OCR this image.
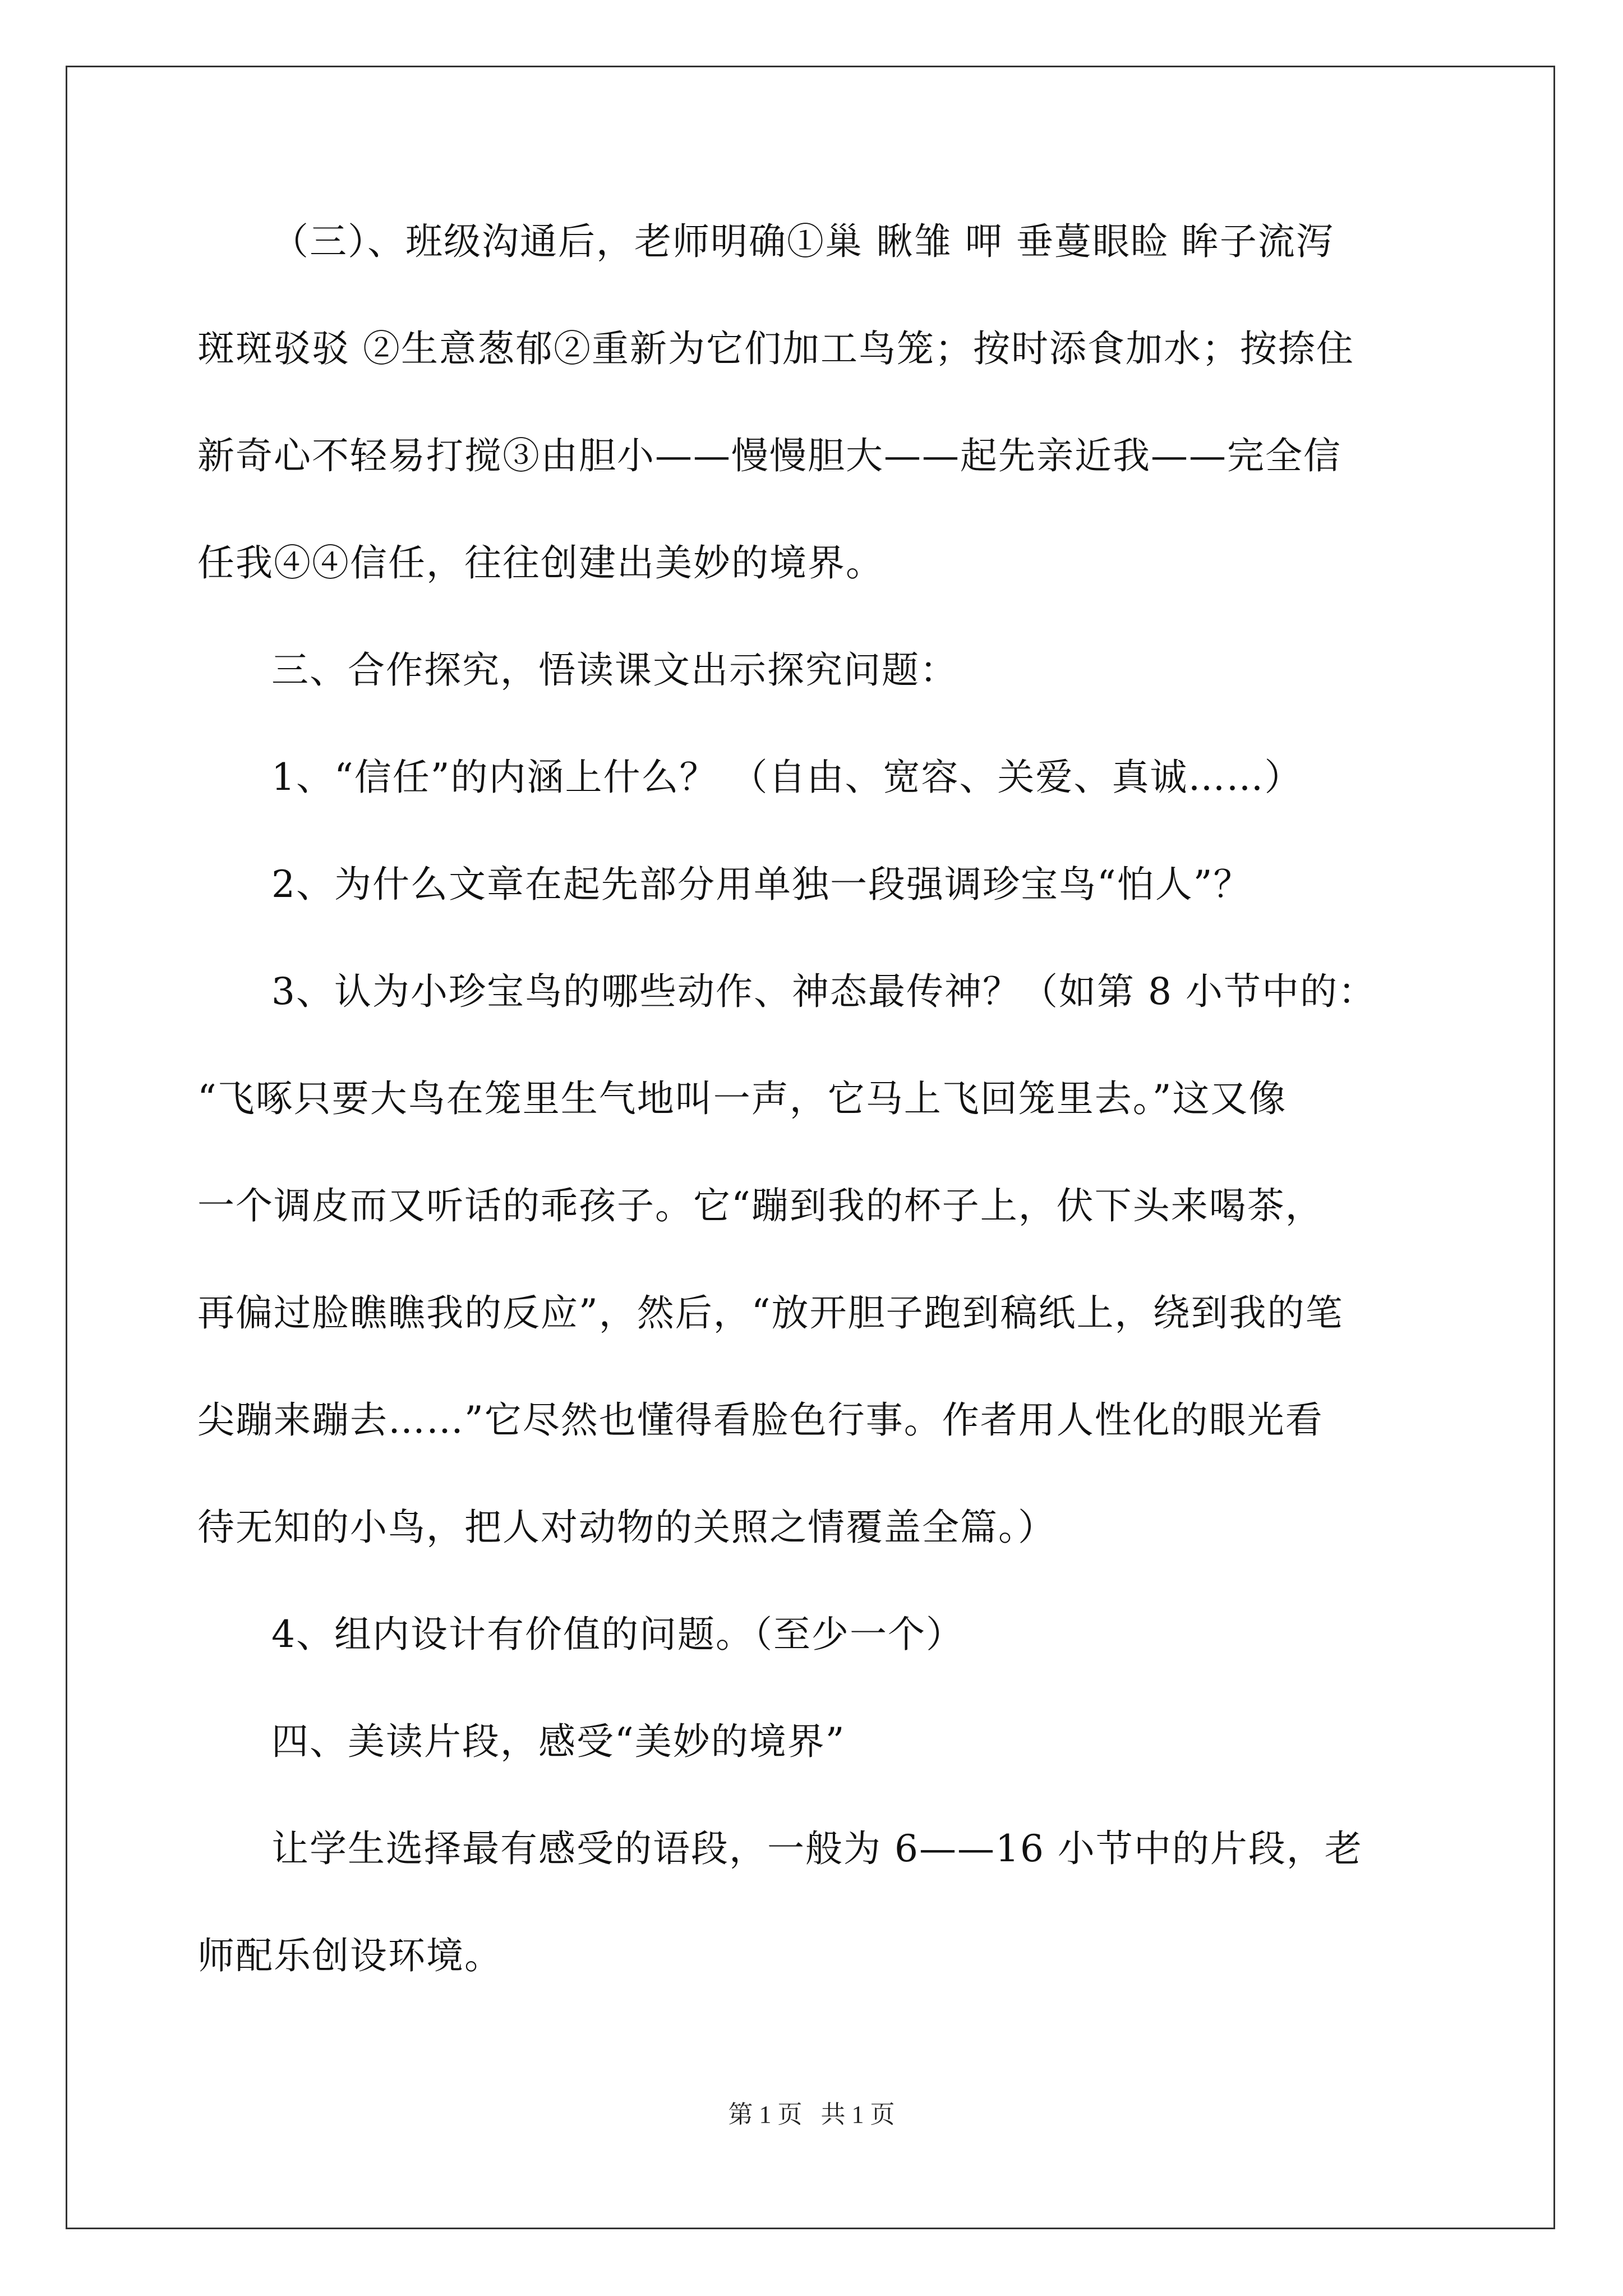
（三）、班级沟通后，老师明确①巢 瞅雏 呷 垂蔓眼睑 眸子流泻
斑斑驳驳 ②生意葱郁②重新为它们加工鸟笼；按时添食加水；按捺住
新奇心不轻易打搅③由胆小——慢慢胆大——起先亲近我——完全信
任我④④信任，往往创建出美妙的境界。
三、合作探究，悟读课文出示探究问题：
1、“信任”的内涵上什么？ （自由、宽容、关爱、真诚……）
2、为什么文章在起先部分用单独一段强调珍宝鸟“怕人”？
3、认为小珍宝鸟的哪些动作、神态最传神？（如第 8 小节中的：
“飞啄只要大鸟在笼里生气地叫一声，它马上飞回笼里去。”这又像
一个调皮而又听话的乖孩子。它“蹦到我的杯子上，伏下头来喝茶，
再偏过脸瞧瞧我的反应”，然后，“放开胆子跑到稿纸上，绕到我的笔
尖蹦来蹦去……”它尽然也懂得看脸色行事。作者用人性化的眼光看
待无知的小鸟，把人对动物的关照之情覆盖全篇。）
4、组内设计有价值的问题。（至少一个）
四、美读片段，感受“美妙的境界”
让学生选择最有感受的语段，一般为 6——16 小节中的片段，老
师配乐创设环境。
第 1 页   共 1 页
